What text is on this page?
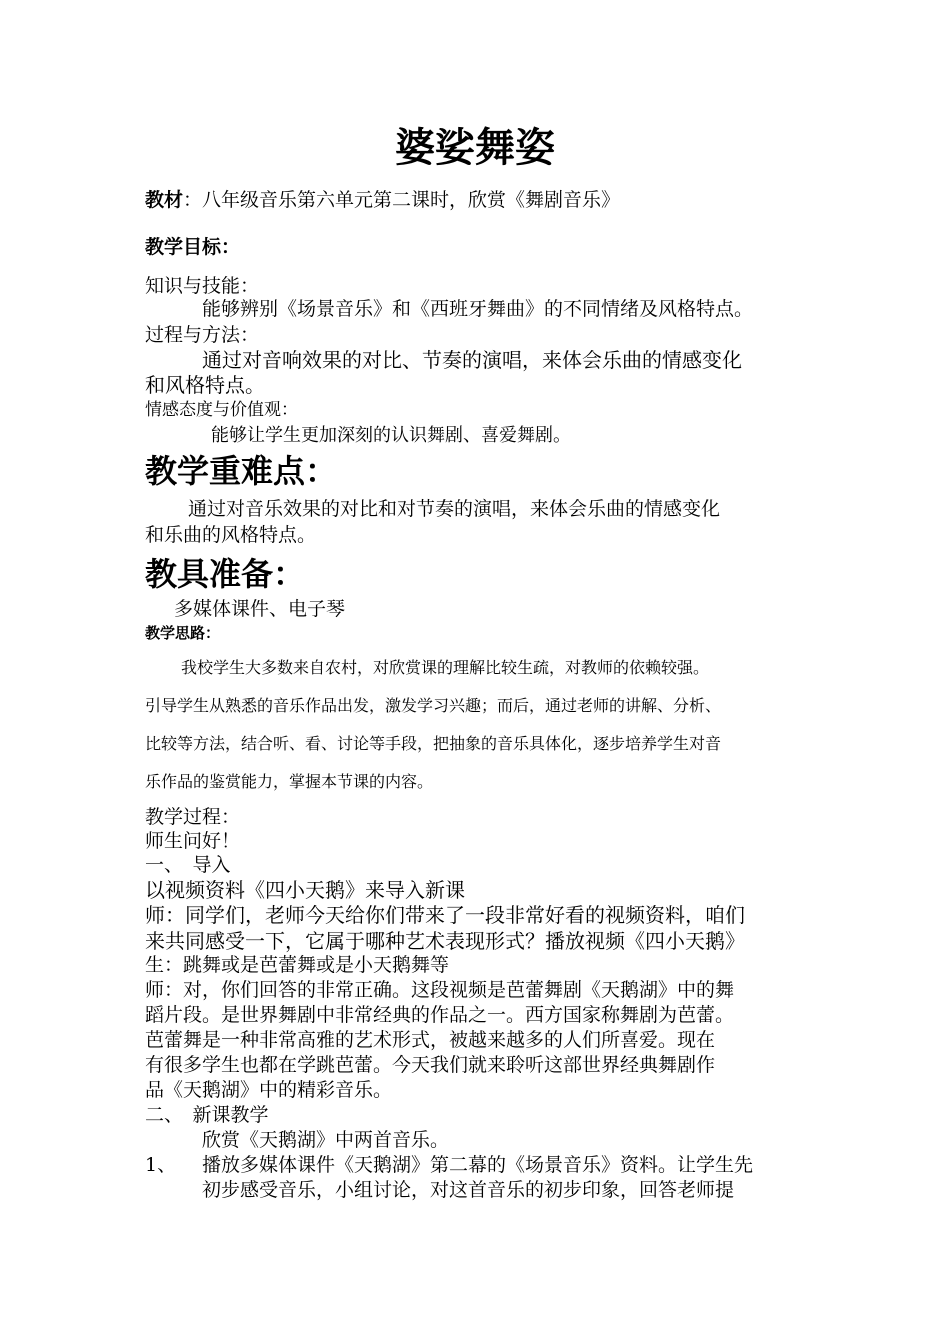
婆娑舞姿
教材：八年级音乐第六单元第二课时，欣赏《舞剧音乐》
教学目标：
知识与技能：
能够辨别《场景音乐》和《西班牙舞曲》的不同情绪及风格特点。
过程与方法：
通过对音响效果的对比、节奏的演唱，来体会乐曲的情感变化
和风格特点。
情感态度与价值观：
能够让学生更加深刻的认识舞剧、喜爱舞剧。
教学重难点：
通过对音乐效果的对比和对节奏的演唱，来体会乐曲的情感变化
和乐曲的风格特点。
教具准备：
多媒体课件、电子琴
教学思路：
我校学生大多数来自农村，对欣赏课的理解比较生疏，对教师的依赖较强。
引导学生从熟悉的音乐作品出发，激发学习兴趣；而后，通过老师的讲解、分析、
比较等方法，结合听、看、讨论等手段，把抽象的音乐具体化，逐步培养学生对音
乐作品的鉴赏能力，掌握本节课的内容。
教学过程：
师生问好！
一、　导入
以视频资料《四小天鹅》来导入新课
师：同学们，老师今天给你们带来了一段非常好看的视频资料，咱们
来共同感受一下，它属于哪种艺术表现形式？播放视频《四小天鹅》
生：跳舞或是芭蕾舞或是小天鹅舞等
师：对，你们回答的非常正确。这段视频是芭蕾舞剧《天鹅湖》中的舞
蹈片段。是世界舞剧中非常经典的作品之一。西方国家称舞剧为芭蕾。
芭蕾舞是一种非常高雅的艺术形式，被越来越多的人们所喜爱。现在
有很多学生也都在学跳芭蕾。今天我们就来聆听这部世界经典舞剧作
品《天鹅湖》中的精彩音乐。
二、　新课教学
欣赏《天鹅湖》中两首音乐。
1、 播放多媒体课件《天鹅湖》第二幕的《场景音乐》资料。让学生先
初步感受音乐，小组讨论，对这首音乐的初步印象，回答老师提
